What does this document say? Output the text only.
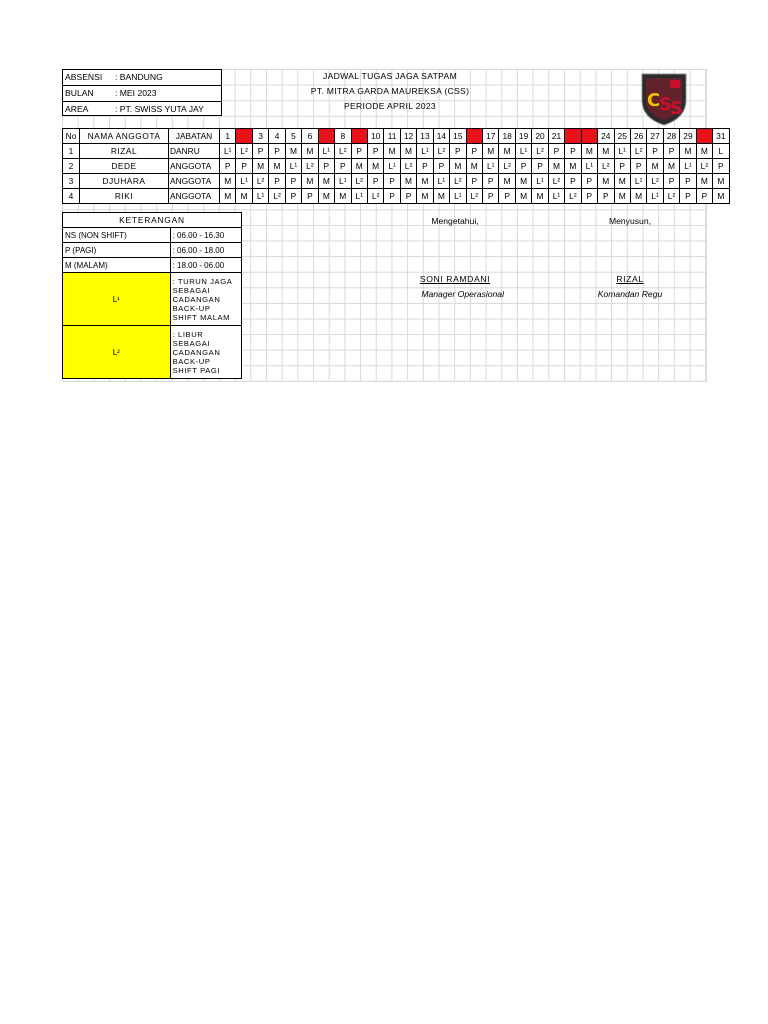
ABSENSI : BANDUNG
BULAN : MEI 2023
AREA	: PT. SWISS YUTA JAY
JADWAL TUGAS JAGA SATPAM
PT. MITRA GARDA MAUREKSA (CSS)
PERIODE APRIL 2023	C
S
S
No	NAMA ANGGOTA	JABATAN	1	2	3	4	5	6	7	8	9	10	11	12	13	14	15	16	17	18	19	20	21	22	23	24	25	26	27	28	29	30	31
1	RIZAL	DANRU	L¹	L²	P	P	M	M	L¹	L²	P	P	M	M	L¹	L²	P	P	M	M	L¹	L²	P	P	M	M	L¹	L²	P	P	M	M	L
2	DEDE	ANGGOTA	P	P	M	M	L¹	L²	P	P	M	M	L¹	L²	P	P	M	M	L¹	L²	P	P	M	M	L¹	L²	P	P	M	M	L¹	L²	P
3	DJUHARA	ANGGOTA	M	L¹	L²	P	P	M	M	L¹	L²	P	P	M	M	L¹	L²	P	P	M	M	L¹	L²	P	P	M	M	L¹	L²	P	P	M	M
4	RIKI	ANGGOTA	M	M	L¹	L²	P	P	M	M	L¹	L²	P	P	M	M	L¹	L²	P	P	M	M	L¹	L²	P	P	M	M	L¹	L²	P	P	M
KETERANGAN	
NS (NON SHIFT)	: 06.00 - 16.30
P (PAGI)	: 06.00 - 18.00
M (MALAM)	: 18.00 - 06.00
L¹	: TURUN JAGA
SEBAGAI
CADANGAN
BACK-UP
SHIFT MALAM

L²	: LIBUR
SEBAGAI
CADANGAN
BACK-UP
SHIFT PAGI
Mengetahui,
SONI RAMDANI
Manager Operasional
Menyusun,
RIZAL
Komandan Regu
